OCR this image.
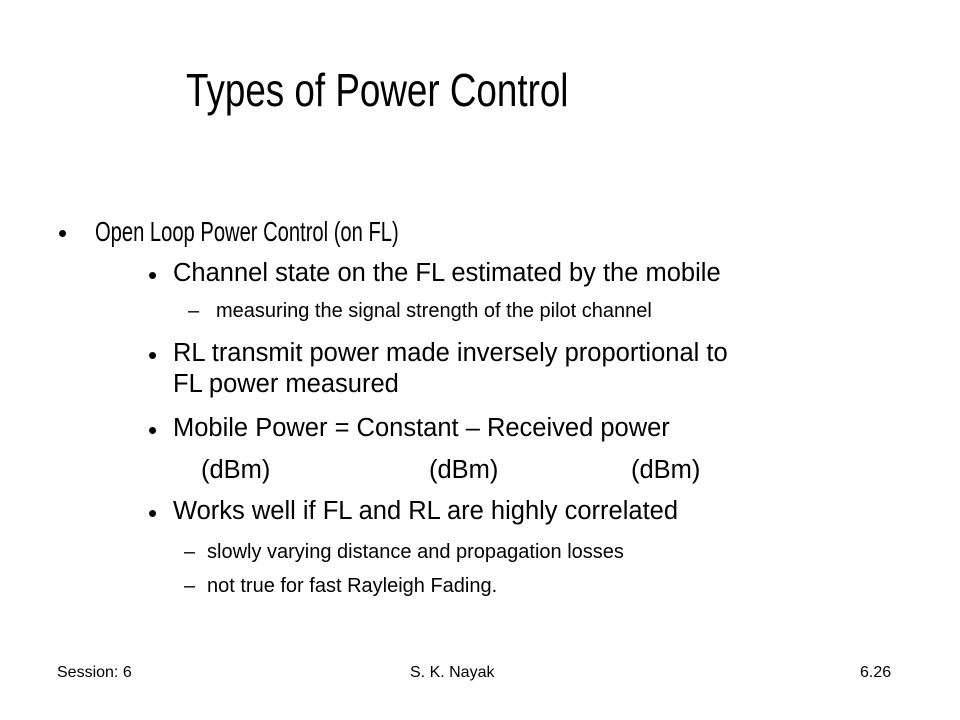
Types of Power Control
• Open Loop Power Control (on FL)
• Channel state on the FL estimated by the mobile
– measuring the signal strength of the pilot channel
• RL transmit power made inversely proportional to
FL power measured
• Mobile Power = Constant – Received power
(dBm)	(dBm)	(dBm)
• Works well if FL and RL are highly correlated
– slowly varying distance and propagation losses
– not true for fast Rayleigh Fading.
Session: 6	S. K. Nayak	6.26
